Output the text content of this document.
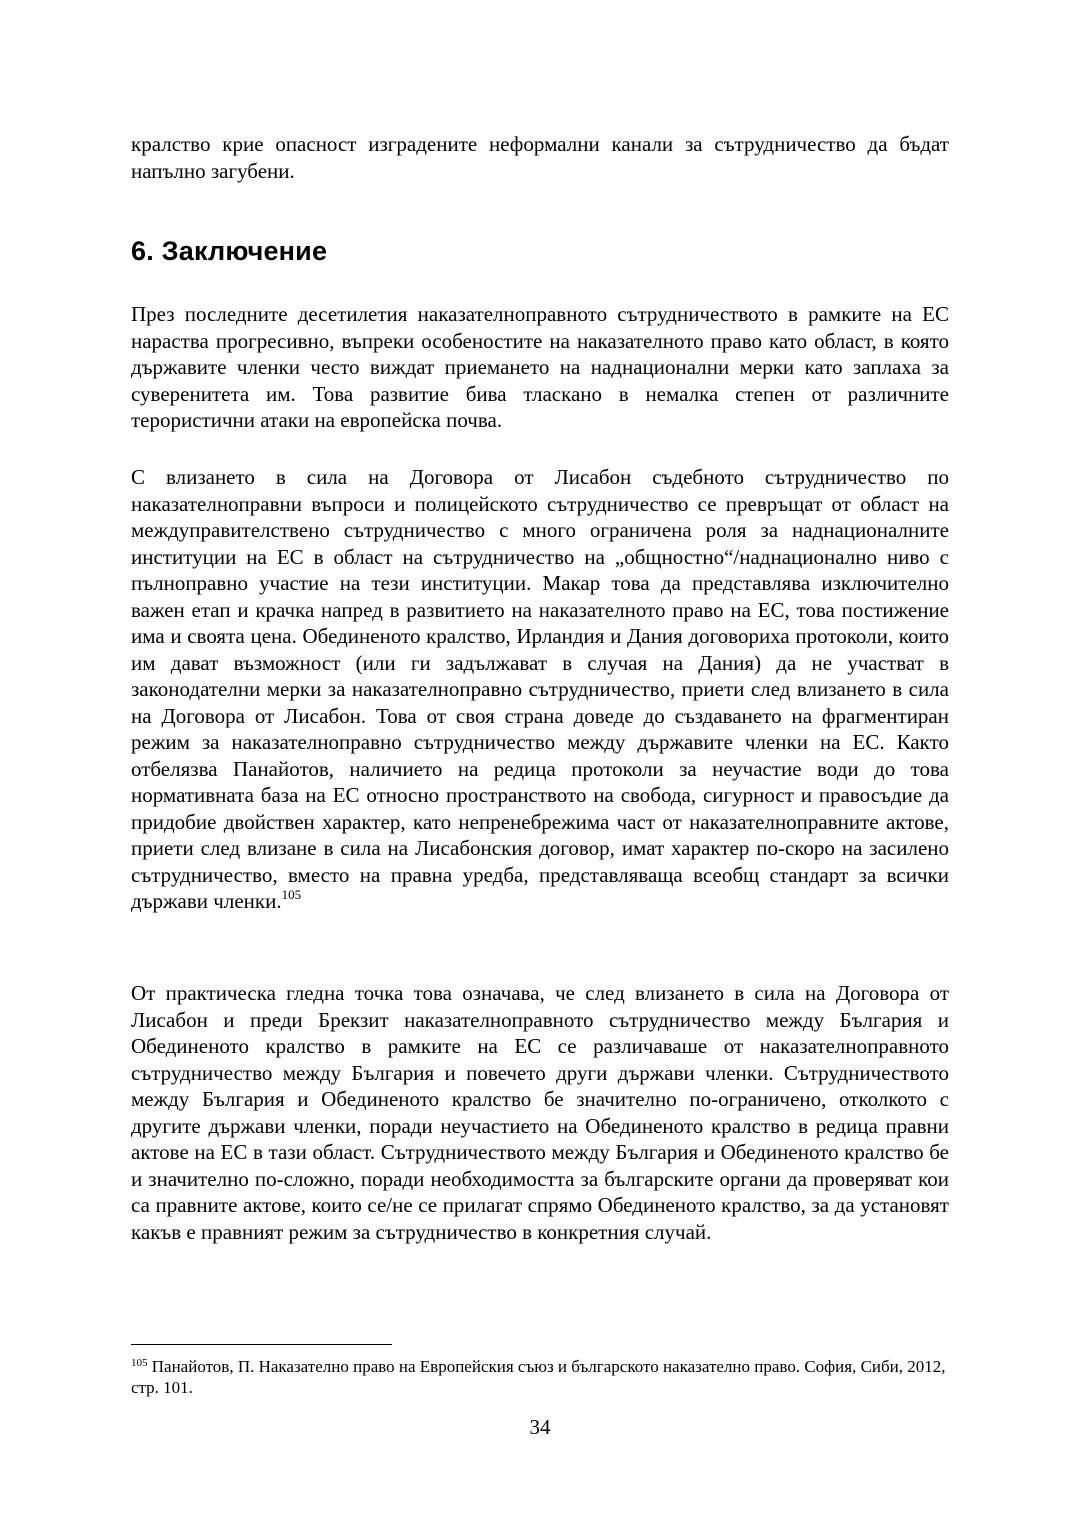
кралство крие опасност изградените неформални канали за сътрудничество да бъдат напълно загубени.

6. Заключение

През последните десетилетия наказателноправното сътрудничеството в рамките на ЕС нараства прогресивно, въпреки особеностите на наказателното право като област, в която държавите членки често виждат приемането на наднационални мерки като заплаха за суверенитета им. Това развитие бива тласкано в немалка степен от различните терористични атаки на европейска почва.

С влизането в сила на Договора от Лисабон съдебното сътрудничество по наказателноправни въпроси и полицейското сътрудничество се превръщат от област на междуправителствено сътрудничество с много ограничена роля за наднационалните институции на ЕС в област на сътрудничество на „общностно“/наднационално ниво с пълноправно участие на тези институции. Макар това да представлява изключително важен етап и крачка напред в развитието на наказателното право на ЕС, това постижение има и своята цена. Обединеното кралство, Ирландия и Дания договориха протоколи, които им дават възможност (или ги задължават в случая на Дания) да не участват в законодателни мерки за наказателноправно сътрудничество, приети след влизането в сила на Договора от Лисабон. Това от своя страна доведе до създаването на фрагментиран режим за наказателноправно сътрудничество между държавите членки на ЕС. Както отбелязва Панайотов, наличието на редица протоколи за неучастие води до това нормативната база на ЕС относно пространството на свобода, сигурност и правосъдие да придобие двойствен характер, като непренебрежима част от наказателноправните актове, приети след влизане в сила на Лисабонския договор, имат характер по-скоро на засилено сътрудничество, вместо на правна уредба, представляваща всеобщ стандарт за всички държави членки.$^{105}$

От практическа гледна точка това означава, че след влизането в сила на Договора от Лисабон и преди Брекзит наказателноправното сътрудничество между България и Обединеното кралство в рамките на ЕС се различаваше от наказателноправното сътрудничество между България и повечето други държави членки. Сътрудничеството между България и Обединеното кралство бе значително по-ограничено, отколкото с другите държави членки, поради неучастието на Обединеното кралство в редица правни актове на ЕС в тази област. Сътрудничеството между България и Обединеното кралство бе и значително по-сложно, поради необходимостта за българските органи да проверяват кои са правните актове, които се/не се прилагат спрямо Обединеното кралство, за да установят какъв е правният режим за сътрудничество в конкретния случай.

$^{105}$ Панайотов, П. Наказателно право на Европейския съюз и българското наказателно право. София, Сиби, 2012, стр. 101.

34
